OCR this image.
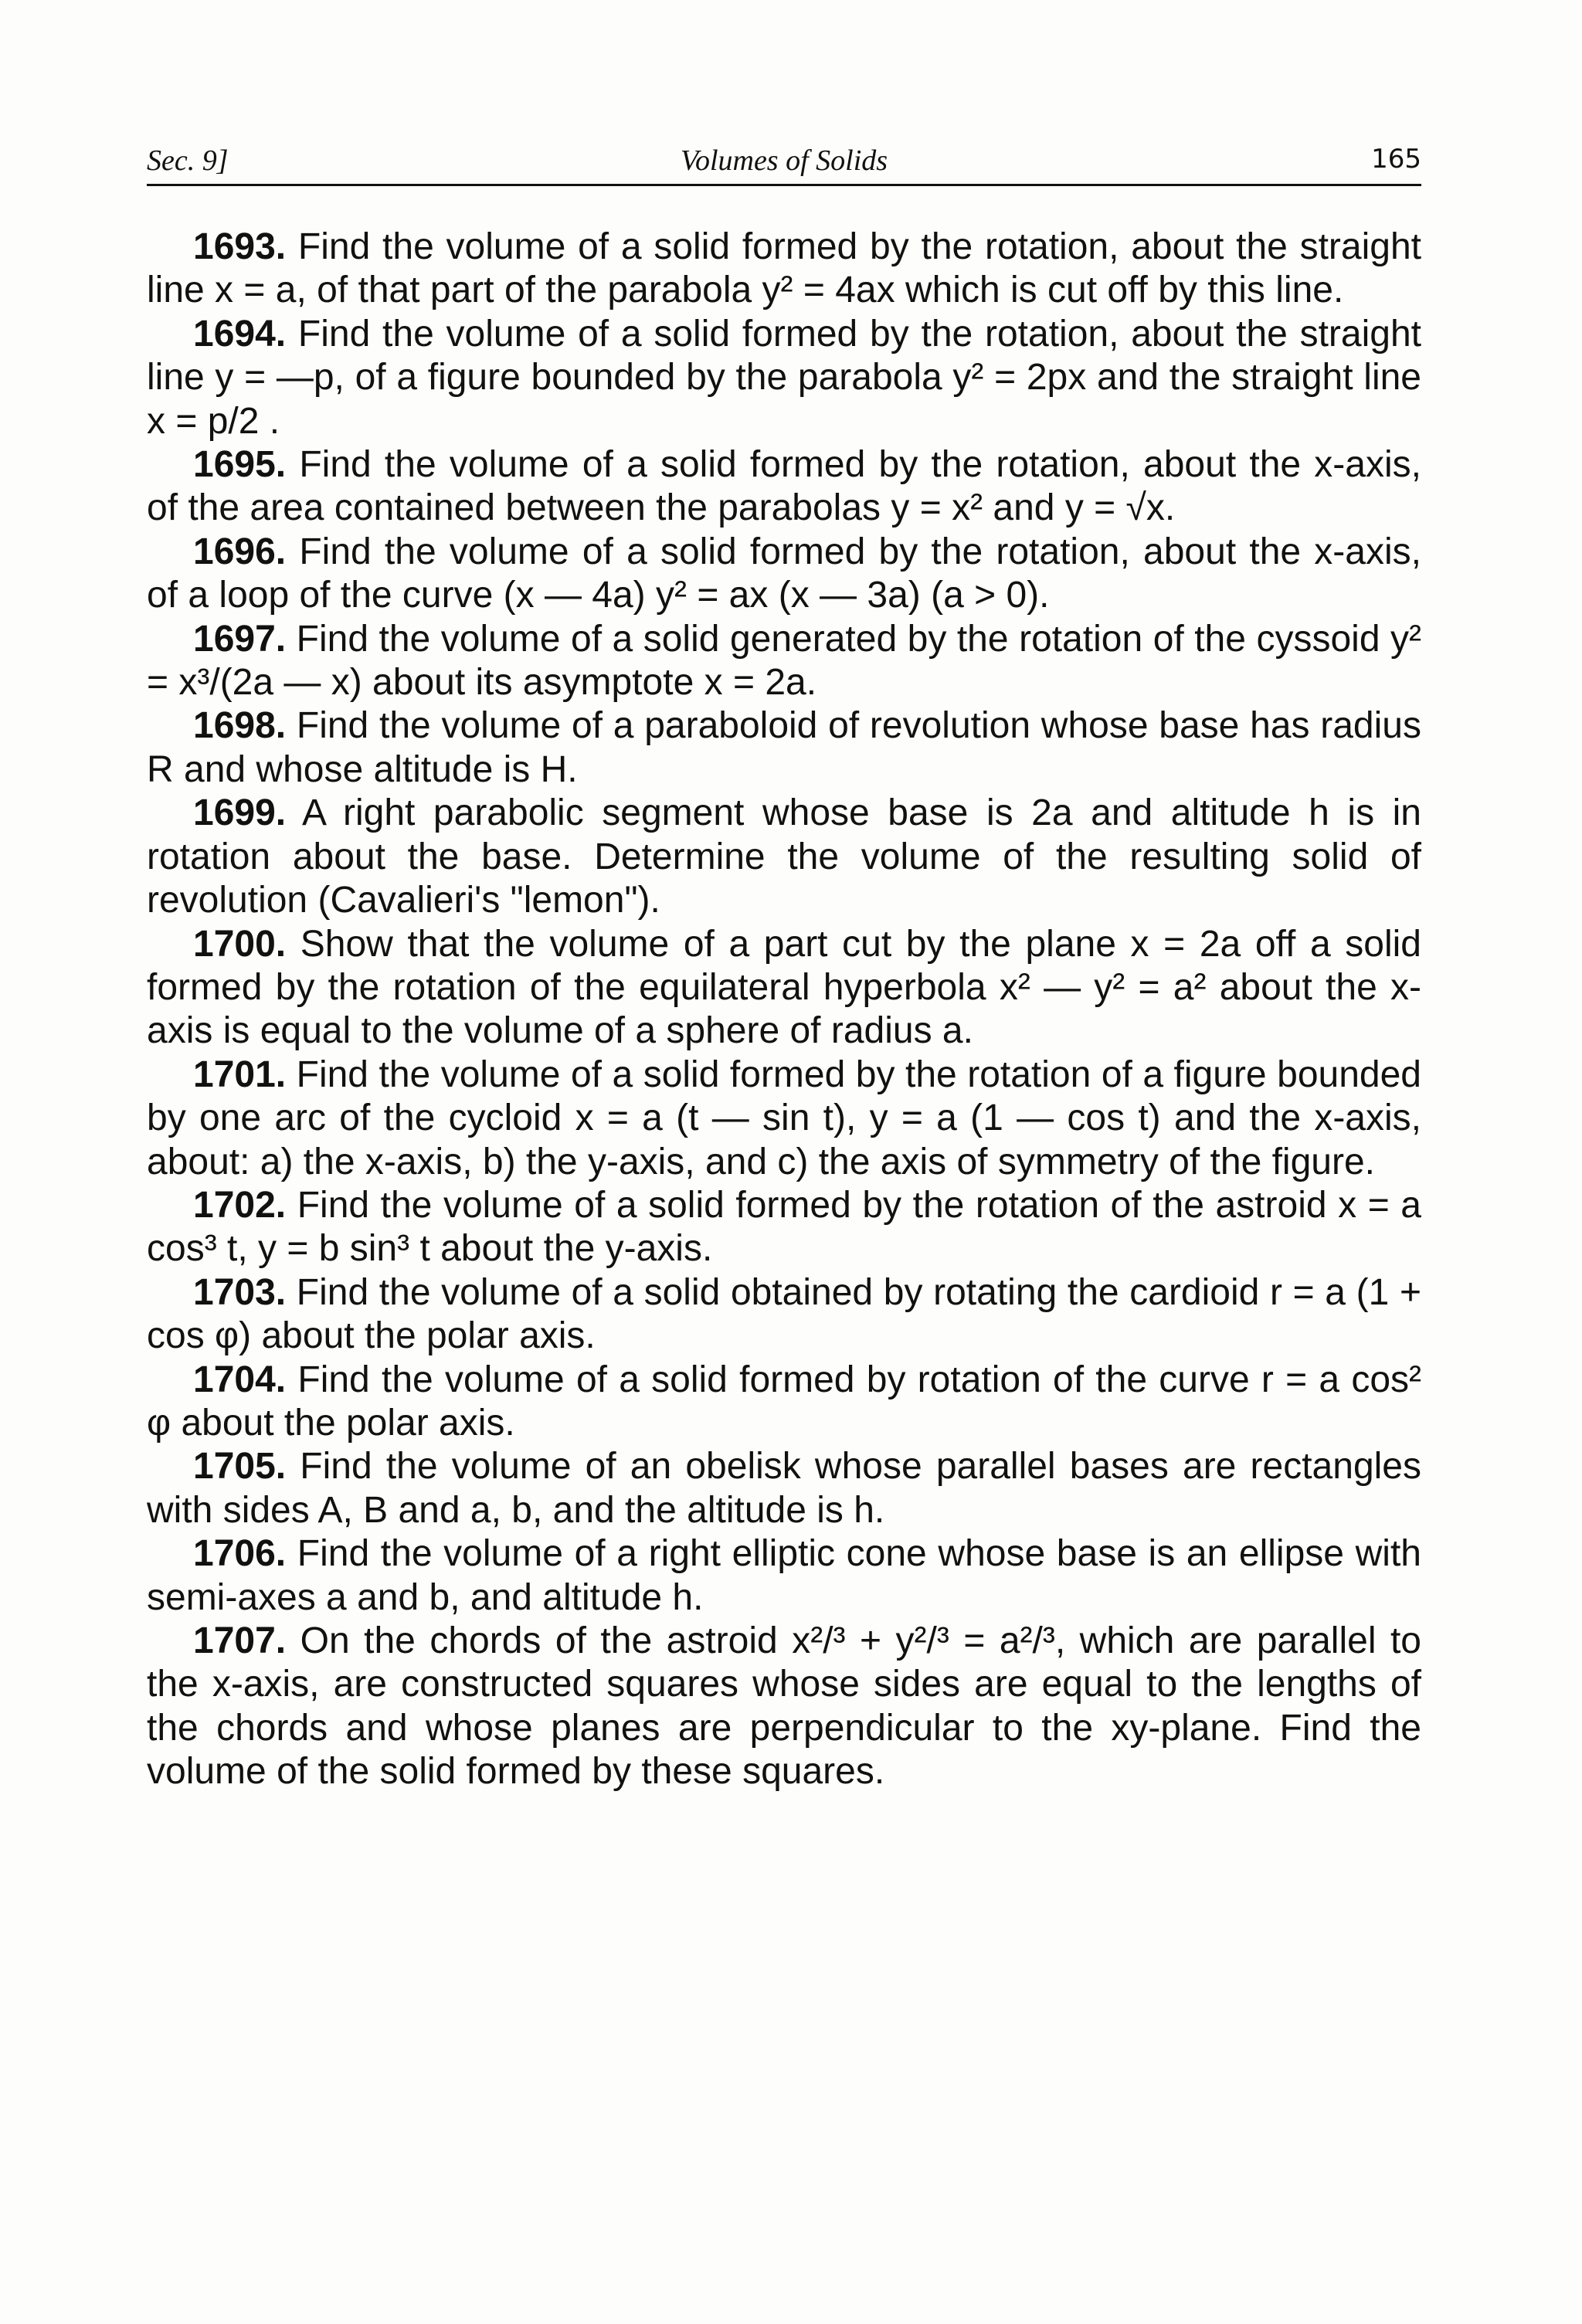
Sec. 9]	Volumes of Solids	165

1693. Find the volume of a solid formed by the rotation, about the straight line x = a, of that part of the parabola y² = 4ax which is cut off by this line.

1694. Find the volume of a solid formed by the rotation, about the straight line y = —p, of a figure bounded by the parabola y² = 2px and the straight line x = p/2 .

1695. Find the volume of a solid formed by the rotation, about the x-axis, of the area contained between the parabolas y = x² and y = √x.

1696. Find the volume of a solid formed by the rotation, about the x-axis, of a loop of the curve (x — 4a) y² = ax (x — 3a) (a > 0).

1697. Find the volume of a solid generated by the rotation of the cyssoid y² = x³/(2a — x) about its asymptote x = 2a.

1698. Find the volume of a paraboloid of revolution whose base has radius R and whose altitude is H.

1699. A right parabolic segment whose base is 2a and altitude h is in rotation about the base. Determine the volume of the resulting solid of revolution (Cavalieri's "lemon").

1700. Show that the volume of a part cut by the plane x = 2a off a solid formed by the rotation of the equilateral hyperbola x² — y² = a² about the x-axis is equal to the volume of a sphere of radius a.

1701. Find the volume of a solid formed by the rotation of a figure bounded by one arc of the cycloid x = a (t — sin t), y = a (1 — cos t) and the x-axis, about: a) the x-axis, b) the y-axis, and c) the axis of symmetry of the figure.

1702. Find the volume of a solid formed by the rotation of the astroid x = a cos³ t, y = b sin³ t about the y-axis.

1703. Find the volume of a solid obtained by rotating the cardioid r = a (1 + cos φ) about the polar axis.

1704. Find the volume of a solid formed by rotation of the curve r = a cos² φ about the polar axis.

1705. Find the volume of an obelisk whose parallel bases are rectangles with sides A, B and a, b, and the altitude is h.

1706. Find the volume of a right elliptic cone whose base is an ellipse with semi-axes a and b, and altitude h.

1707. On the chords of the astroid x²/³ + y²/³ = a²/³, which are parallel to the x-axis, are constructed squares whose sides are equal to the lengths of the chords and whose planes are perpendicular to the xy-plane. Find the volume of the solid formed by these squares.
